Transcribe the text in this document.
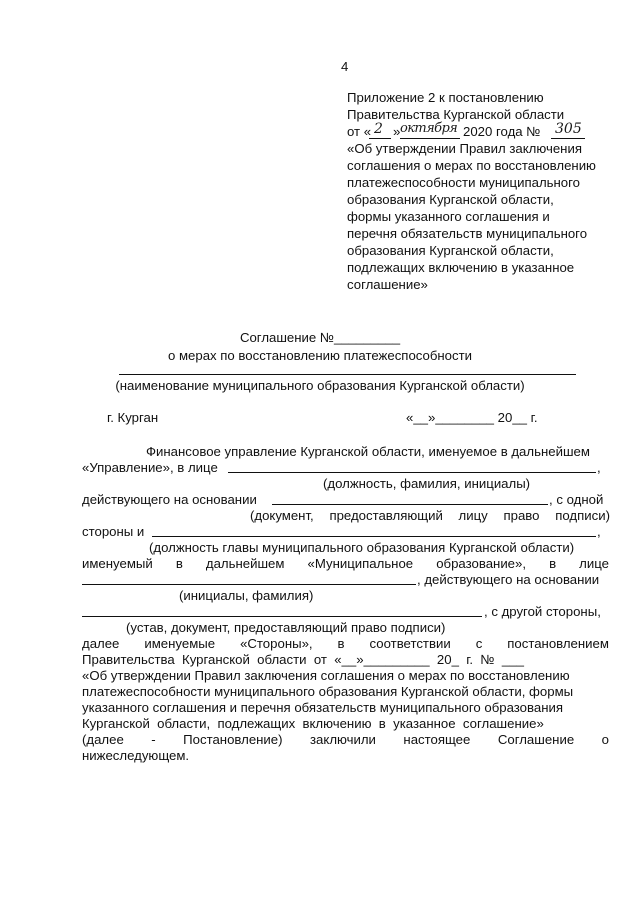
4
Приложение 2 к постановлению
Правительства Курганской области
от « 2 » октября 2020 года № 305
«Об утверждении Правил заключения
соглашения о мерах по восстановлению
платежеспособности муниципального
образования Курганской области,
формы указанного соглашения и
перечня обязательств муниципального
образования Курганской области,
подлежащих включению в указанное
соглашение»
Соглашение №_________
о мерах по восстановлению платежеспособности
(наименование муниципального образования Курганской области)
г. Курган	«__»________ 20__ г.
Финансовое управление Курганской области, именуемое в дальнейшем
«Управление», в лице	,
(должность, фамилия, инициалы)
действующего на основании	, с одной
(документ, предоставляющий лицу право подписи)
стороны и	,
(должность главы муниципального образования Курганской области)
именуемый в дальнейшем «Муниципальное образование», в лице
, действующего на основании
(инициалы, фамилия)
, с другой стороны,
(устав, документ, предоставляющий право подписи)
далее именуемые «Стороны», в соответствии с постановлением
Правительства  Курганской  области  от  «__»_________  20_  г.  №  ___
«Об утверждении Правил заключения соглашения о мерах по восстановлению
платежеспособности муниципального образования Курганской области, формы
указанного соглашения и перечня обязательств муниципального образования
Курганской  области,  подлежащих  включению  в  указанное  соглашение»
(далее - Постановление) заключили настоящее Соглашение о
нижеследующем.
